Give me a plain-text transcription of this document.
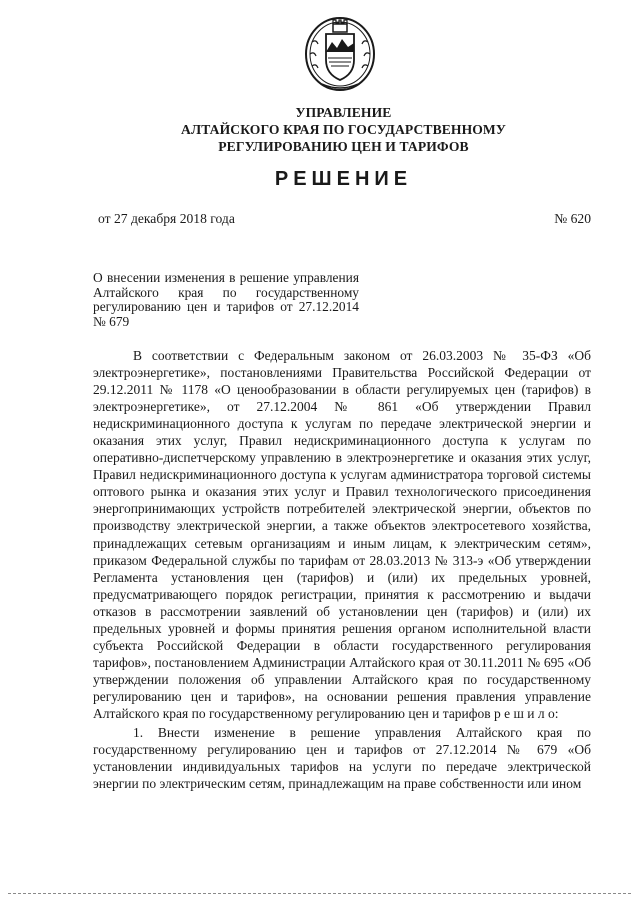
УПРАВЛЕНИЕ
АЛТАЙСКОГО КРАЯ ПО ГОСУДАРСТВЕННОМУ
РЕГУЛИРОВАНИЮ ЦЕН И ТАРИФОВ
РЕШЕНИЕ
от 27 декабря 2018 года	№ 620
О внесении изменения в решение управления Алтайского края по государственному регулированию цен и тарифов от 27.12.2014 № 679

В соответствии с Федеральным законом от 26.03.2003 № 35-ФЗ «Об электроэнергетике», постановлениями Правительства Российской Федерации от 29.12.2011 № 1178 «О ценообразовании в области регулируемых цен (тарифов) в электроэнергетике», от 27.12.2004 № 861 «Об утверждении Правил недискриминационного доступа к услугам по передаче электрической энергии и оказания этих услуг, Правил недискриминационного доступа к услугам по оперативно-диспетчерскому управлению в электроэнергетике и оказания этих услуг, Правил недискриминационного доступа к услугам администратора торговой системы оптового рынка и оказания этих услуг и Правил технологического присоединения энергопринимающих устройств потребителей электрической энергии, объектов по производству электрической энергии, а также объектов электросетевого хозяйства, принадлежащих сетевым организациям и иным лицам, к электрическим сетям», приказом Федеральной службы по тарифам от 28.03.2013 № 313-э «Об утверждении Регламента установления цен (тарифов) и (или) их предельных уровней, предусматривающего порядок регистрации, принятия к рассмотрению и выдачи отказов в рассмотрении заявлений об установлении цен (тарифов) и (или) их предельных уровней и формы принятия решения органом исполнительной власти субъекта Российской Федерации в области государственного регулирования тарифов», постановлением Администрации Алтайского края от 30.11.2011 № 695 «Об утверждении положения об управлении Алтайского края по государственному регулированию цен и тарифов», на основании решения правления управление Алтайского края по государственному регулированию цен и тарифов р е ш и л о:

1. Внести изменение в решение управления Алтайского края по государственному регулированию цен и тарифов от 27.12.2014 № 679 «Об установлении индивидуальных тарифов на услуги по передаче электрической энергии по электрическим сетям, принадлежащим на праве собственности или ином
